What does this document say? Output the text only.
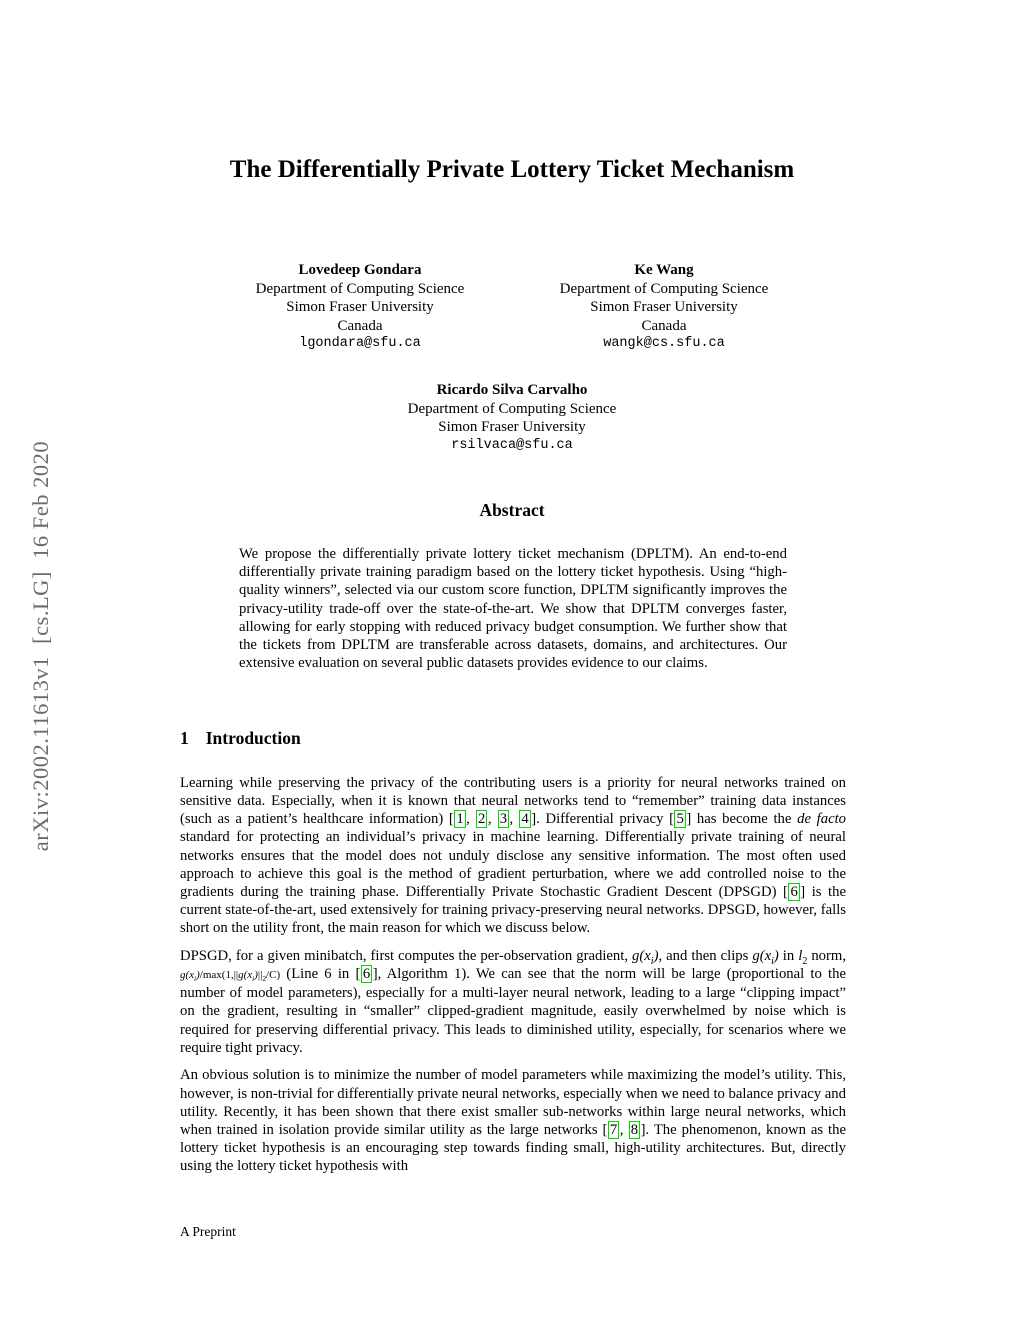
arXiv:2002.11613v1  [cs.LG]  16 Feb 2020
The Differentially Private Lottery Ticket Mechanism
Lovedeep Gondara
Department of Computing Science
Simon Fraser University
Canada
lgondara@sfu.ca
Ke Wang
Department of Computing Science
Simon Fraser University
Canada
wangk@cs.sfu.ca
Ricardo Silva Carvalho
Department of Computing Science
Simon Fraser University
rsilvaca@sfu.ca
Abstract
We propose the differentially private lottery ticket mechanism (DPLTM). An end-to-end differentially private training paradigm based on the lottery ticket hypothesis. Using “high-quality winners”, selected via our custom score function, DPLTM significantly improves the privacy-utility trade-off over the state-of-the-art. We show that DPLTM converges faster, allowing for early stopping with reduced privacy budget consumption. We further show that the tickets from DPLTM are transferable across datasets, domains, and architectures. Our extensive evaluation on several public datasets provides evidence to our claims.
1 Introduction

Learning while preserving the privacy of the contributing users is a priority for neural networks trained on sensitive data. Especially, when it is known that neural networks tend to “remember” training data instances (such as a patient’s healthcare information) [ 1 , 2 , 3 , 4 ]. Differential privacy [ 5 ] has become the de facto standard for protecting an individual’s privacy in machine learning. Differentially private training of neural networks ensures that the model does not unduly disclose any sensitive information. The most often used approach to achieve this goal is the method of gradient perturbation, where we add controlled noise to the gradients during the training phase. Differentially Private Stochastic Gradient Descent (DPSGD) [ 6 ] is the current state-of-the-art, used extensively for training privacy-preserving neural networks. DPSGD, however, falls short on the utility front, the main reason for which we discuss below.

DPSGD, for a given minibatch, first computes the per-observation gradient, $g(x_i)$, and then clips $g(x_i)$ in $l_2$ norm, $g(x_i)/\max(1,||g(x_i)||_2/C)$ (Line 6 in [ 6 ], Algorithm 1). We can see that the norm will be large (proportional to the number of model parameters), especially for a multi-layer neural network, leading to a large “clipping impact” on the gradient, resulting in “smaller” clipped-gradient magnitude, easily overwhelmed by noise which is required for preserving differential privacy. This leads to diminished utility, especially, for scenarios where we require tight privacy.

An obvious solution is to minimize the number of model parameters while maximizing the model’s utility. This, however, is non-trivial for differentially private neural networks, especially when we need to balance privacy and utility. Recently, it has been shown that there exist smaller sub-networks within large neural networks, which when trained in isolation provide similar utility as the large networks [ 7 , 8 ]. The phenomenon, known as the lottery ticket hypothesis is an encouraging step towards finding small, high-utility architectures. But, directly using the lottery ticket hypothesis with

A Preprint
